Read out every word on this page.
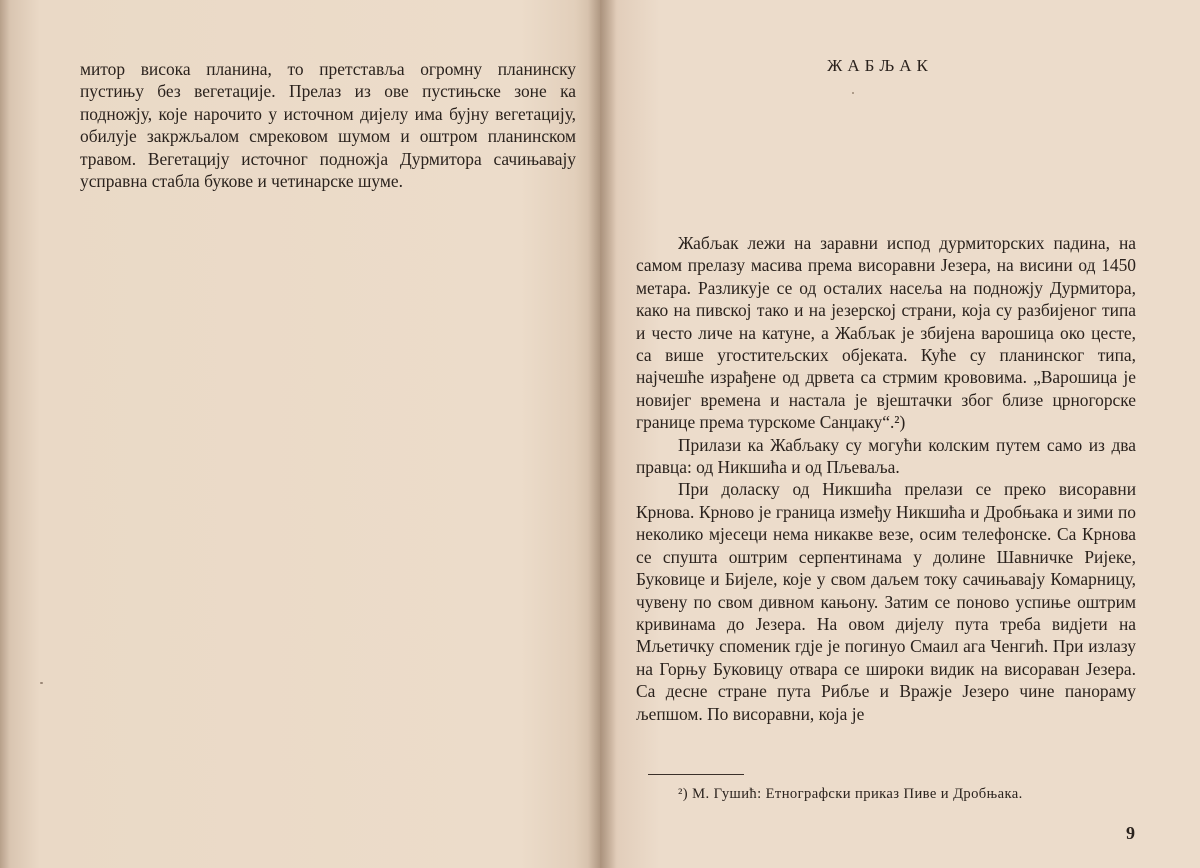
митор висока планина, то претставља огромну планинску пустињу без вегетације. Прелаз из ове пустињске зоне ка подножју, које нарочито у источном дијелу има бујну вегетацију, обилује закржљалом смрековом шумом и оштром планинском травом. Вегетацију источног подножја Дурмитора сачињавају усправна стабла букове и четинарске шуме.

ЖАБЉАК

Жабљак лежи на заравни испод дурмиторских падина, на самом прелазу масива према висоравни Језера, на висини од 1450 метара. Разликује се од осталих насеља на подножју Дурмитора, како на пивској тако и на језерској страни, која су разбијеног типа и често личе на катуне, а Жабљак је збијена варошица око цесте, са више угоститељских објеката. Куће су планинског типа, најчешће израђене од дрвета са стрмим крововима. „Варошица је новијег времена и настала је вјештачки због близе црногорске границе према турскоме Санџаку“.²)

Прилази ка Жабљаку су могући колским путем само из два правца: од Никшића и од Пљеваља.

При доласку од Никшића прелази се преко висоравни Крнова. Крново је граница између Никшића и Дробњака и зими по неколико мјесеци нема никакве везе, осим телефонске. Са Крнова се спушта оштрим серпентинама у долине Шавничке Ријеке, Буковице и Бијеле, које у свом даљем току сачињавају Комарницу, чувену по свом дивном кањону. Затим се поново успиње оштрим кривинама до Језера. На овом дијелу пута треба видјети на Мљетичку споменик гдје је погинуо Смаил ага Ченгић. При излазу на Горњу Буковицу отвара се широки видик на висораван Језера. Са десне стране пута Рибље и Вражје Језеро чине панораму љепшом. По висоравни, која је

²) М. Гушић: Етнографски приказ Пиве и Дробњака.
9
